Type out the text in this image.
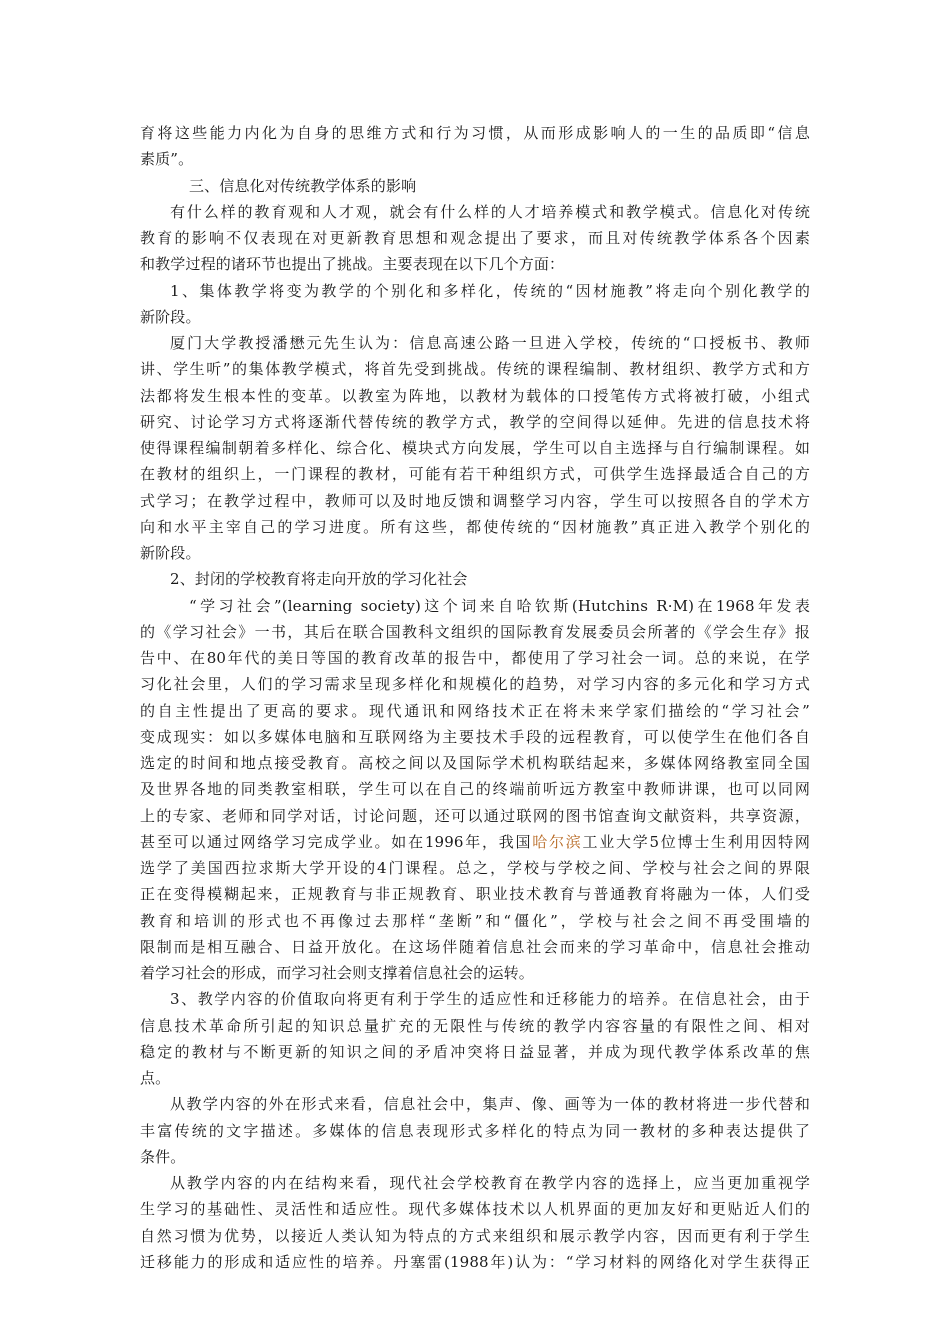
育将这些能力内化为自身的思维方式和行为习惯，从而形成影响人的一生的品质即“信息
素质”。
三、信息化对传统教学体系的影响
有什么样的教育观和人才观，就会有什么样的人才培养模式和教学模式。信息化对传统
教育的影响不仅表现在对更新教育思想和观念提出了要求，而且对传统教学体系各个因素
和教学过程的诸环节也提出了挑战。主要表现在以下几个方面：
1、集体教学将变为教学的个别化和多样化，传统的“因材施教”将走向个别化教学的
新阶段。
厦门大学教授潘懋元先生认为：信息高速公路一旦进入学校，传统的“口授板书、教师
讲、学生听”的集体教学模式，将首先受到挑战。传统的课程编制、教材组织、教学方式和方
法都将发生根本性的变革。以教室为阵地，以教材为载体的口授笔传方式将被打破，小组式
研究、讨论学习方式将逐渐代替传统的教学方式，教学的空间得以延伸。先进的信息技术将
使得课程编制朝着多样化、综合化、模块式方向发展，学生可以自主选择与自行编制课程。如
在教材的组织上，一门课程的教材，可能有若干种组织方式，可供学生选择最适合自己的方
式学习；在教学过程中，教师可以及时地反馈和调整学习内容，学生可以按照各自的学术方
向和水平主宰自己的学习进度。所有这些，都使传统的“因材施教”真正进入教学个别化的
新阶段。
2、封闭的学校教育将走向开放的学习化社会
“学习社会”(learning society)这个词来自哈钦斯(Hutchins R·M)在1968年发表
的《学习社会》一书，其后在联合国教科文组织的国际教育发展委员会所著的《学会生存》报
告中、在80年代的美日等国的教育改革的报告中，都使用了学习社会一词。总的来说，在学
习化社会里，人们的学习需求呈现多样化和规模化的趋势，对学习内容的多元化和学习方式
的自主性提出了更高的要求。现代通讯和网络技术正在将未来学家们描绘的“学习社会”
变成现实：如以多媒体电脑和互联网络为主要技术手段的远程教育，可以使学生在他们各自
选定的时间和地点接受教育。高校之间以及国际学术机构联结起来，多媒体网络教室同全国
及世界各地的同类教室相联，学生可以在自己的终端前听远方教室中教师讲课，也可以同网
上的专家、老师和同学对话，讨论问题，还可以通过联网的图书馆查询文献资料，共享资源，
甚至可以通过网络学习完成学业。如在1996年，我国哈尔滨工业大学5位博士生利用因特网
选学了美国西拉求斯大学开设的4门课程。总之，学校与学校之间、学校与社会之间的界限
正在变得模糊起来，正规教育与非正规教育、职业技术教育与普通教育将融为一体，人们受
教育和培训的形式也不再像过去那样“垄断”和“僵化”，学校与社会之间不再受围墙的
限制而是相互融合、日益开放化。在这场伴随着信息社会而来的学习革命中，信息社会推动
着学习社会的形成，而学习社会则支撑着信息社会的运转。
3、教学内容的价值取向将更有利于学生的适应性和迁移能力的培养。在信息社会，由于
信息技术革命所引起的知识总量扩充的无限性与传统的教学内容容量的有限性之间、相对
稳定的教材与不断更新的知识之间的矛盾冲突将日益显著，并成为现代教学体系改革的焦
点。
从教学内容的外在形式来看，信息社会中，集声、像、画等为一体的教材将进一步代替和
丰富传统的文字描述。多媒体的信息表现形式多样化的特点为同一教材的多种表达提供了
条件。
从教学内容的内在结构来看，现代社会学校教育在教学内容的选择上，应当更加重视学
生学习的基础性、灵活性和适应性。现代多媒体技术以人机界面的更加友好和更贴近人们的
自然习惯为优势，以接近人类认知为特点的方式来组织和展示教学内容，因而更有利于学生
迁移能力的形成和适应性的培养。丹塞雷(1988年)认为：“学习材料的网络化对学生获得正
